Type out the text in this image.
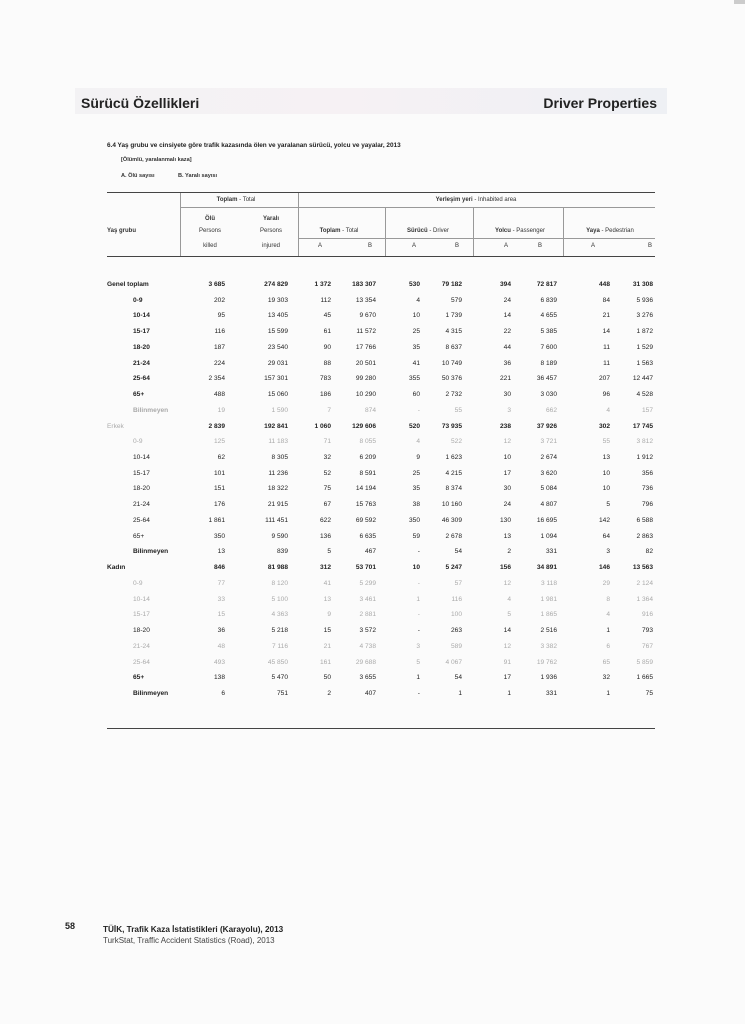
Sürücü Özellikleri	Driver Properties
6.4 Yaş grubu ve cinsiyete göre trafik kazasında ölen ve yaralanan sürücü, yolcu ve yayalar, 2013
[Ölümlü, yaralanmalı kaza]
A. Ölü sayısı	B. Yaralı sayısı
Toplam - Total	Yerleşim yeri - Inhabited area
Ölü	Yaralı
Yaş grubu	Persons	Persons	Toplam - Total	Sürücü - Driver	Yolcu - Passenger	Yaya - Pedestrian
killed	injured	A	B	A	B	A	B	A	B
Genel toplam	3 685	274 829	1 372	183 307	530	79 182	394	72 817	448	31 308
0-9	202	19 303	112	13 354	4	579	24	6 839	84	5 936
10-14	95	13 405	45	9 670	10	1 739	14	4 655	21	3 276
15-17	116	15 599	61	11 572	25	4 315	22	5 385	14	1 872
18-20	187	23 540	90	17 766	35	8 637	44	7 600	11	1 529
21-24	224	29 031	88	20 501	41	10 749	36	8 189	11	1 563
25-64	2 354	157 301	783	99 280	355	50 376	221	36 457	207	12 447
65+	488	15 060	186	10 290	60	2 732	30	3 030	96	4 528
Bilinmeyen	19	1 590	7	874	-	55	3	662	4	157
Erkek	2 839	192 841	1 060	129 606	520	73 935	238	37 926	302	17 745
0-9	125	11 183	71	8 055	4	522	12	3 721	55	3 812
10-14	62	8 305	32	6 209	9	1 623	10	2 674	13	1 912
15-17	101	11 236	52	8 591	25	4 215	17	3 620	10	356
18-20	151	18 322	75	14 194	35	8 374	30	5 084	10	736
21-24	176	21 915	67	15 763	38	10 160	24	4 807	5	796
25-64	1 861	111 451	622	69 592	350	46 309	130	16 695	142	6 588
65+	350	9 590	136	6 635	59	2 678	13	1 094	64	2 863
Bilinmeyen	13	839	5	467	-	54	2	331	3	82
Kadın	846	81 988	312	53 701	10	5 247	156	34 891	146	13 563
0-9	77	8 120	41	5 299	-	57	12	3 118	29	2 124
10-14	33	5 100	13	3 461	1	116	4	1 981	8	1 364
15-17	15	4 363	9	2 881	-	100	5	1 865	4	916
18-20	36	5 218	15	3 572	-	263	14	2 516	1	793
21-24	48	7 116	21	4 738	3	589	12	3 382	6	767
25-64	493	45 850	161	29 688	5	4 067	91	19 762	65	5 859
65+	138	5 470	50	3 655	1	54	17	1 936	32	1 665
Bilinmeyen	6	751	2	407	-	1	1	331	1	75
58	TÜİK, Trafik Kaza İstatistikleri (Karayolu), 2013
TurkStat, Traffic Accident Statistics (Road), 2013
